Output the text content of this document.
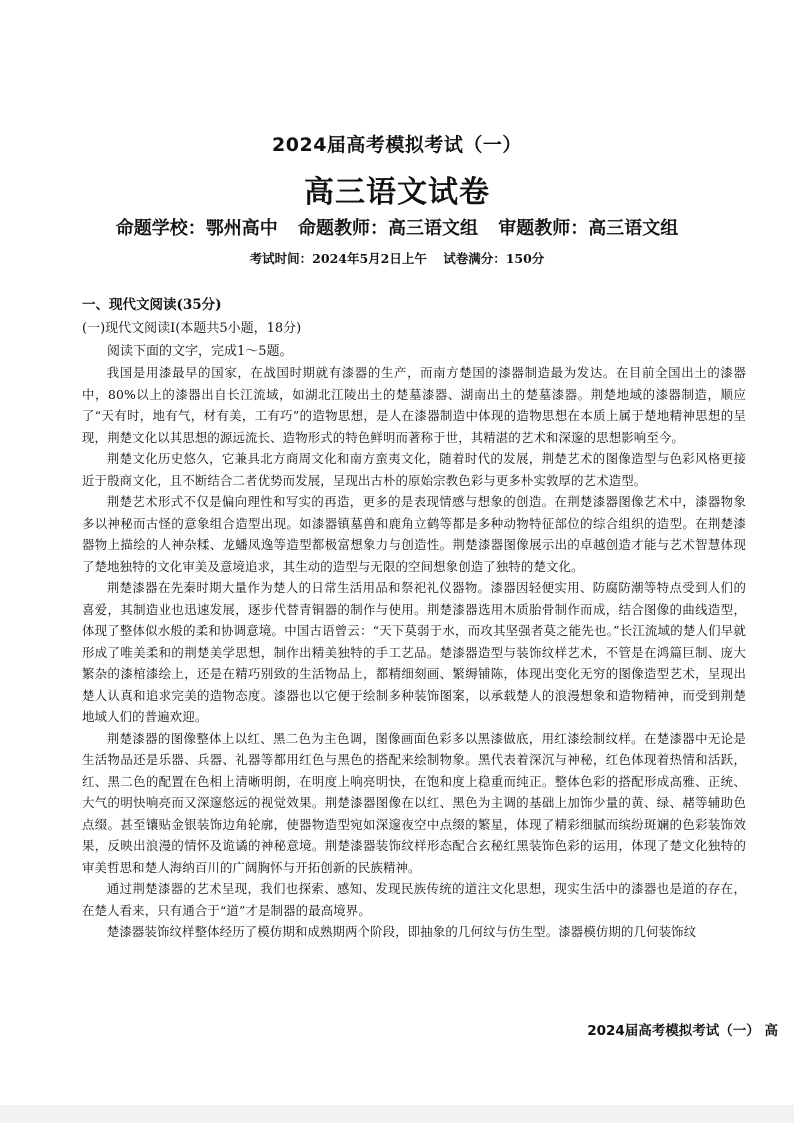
2024届高考模拟考试（一）
高三语文试卷
命题学校：鄂州高中 命题教师：高三语文组 审题教师：高三语文组
考试时间：2024年5月2日上午 试卷满分：150分
一、现代文阅读(35分)
(一)现代文阅读Ⅰ(本题共5小题，18分)
阅读下面的文字，完成1～5题。

我国是用漆最早的国家，在战国时期就有漆器的生产，而南方楚国的漆器制造最为发达。在目前全国出土的漆器中，80%以上的漆器出自长江流域，如湖北江陵出土的楚墓漆器、湖南出土的楚墓漆器。荆楚地域的漆器制造，顺应了“天有时，地有气，材有美，工有巧”的造物思想，是人在漆器制造中体现的造物思想在本质上属于楚地精神思想的呈现，荆楚文化以其思想的源远流长、造物形式的特色鲜明而著称于世，其精湛的艺术和深邃的思想影响至今。

荆楚文化历史悠久，它兼具北方商周文化和南方蛮夷文化，随着时代的发展，荆楚艺术的图像造型与色彩风格更接近于殷商文化，且不断结合二者优势而发展，呈现出古朴的原始宗教色彩与更多朴实敦厚的艺术造型。

荆楚艺术形式不仅是偏向理性和写实的再造，更多的是表现情感与想象的创造。在荆楚漆器图像艺术中，漆器物象多以神秘而古怪的意象组合造型出现。如漆器镇墓兽和鹿角立鹤等都是多种动物特征部位的综合组织的造型。在荆楚漆器物上描绘的人神杂糅、龙蟠凤逸等造型都极富想象力与创造性。荆楚漆器图像展示出的卓越创造才能与艺术智慧体现了楚地独特的文化审美及意境追求，其生动的造型与无限的空间想象创造了独特的楚文化。

荆楚漆器在先秦时期大量作为楚人的日常生活用品和祭祀礼仪器物。漆器因轻便实用、防腐防潮等特点受到人们的喜爱，其制造业也迅速发展，逐步代替青铜器的制作与使用。荆楚漆器选用木质胎骨制作而成，结合图像的曲线造型，体现了整体似水般的柔和协调意境。中国古语曾云：“天下莫弱于水，而攻其坚强者莫之能先也。”长江流域的楚人们早就形成了唯美柔和的荆楚美学思想，制作出精美独特的手工艺品。楚漆器造型与装饰纹样艺术，不管是在鸿篇巨制、庞大繁杂的漆棺漆绘上，还是在精巧别致的生活物品上，都精细刻画、繁缛铺陈，体现出变化无穷的图像造型艺术，呈现出楚人认真和追求完美的造物态度。漆器也以它便于绘制多种装饰图案，以承载楚人的浪漫想象和造物精神，而受到荆楚地域人们的普遍欢迎。

荆楚漆器的图像整体上以红、黑二色为主色调，图像画面色彩多以黑漆做底，用红漆绘制纹样。在楚漆器中无论是生活物品还是乐器、兵器、礼器等都用红色与黑色的搭配来绘制物象。黑代表着深沉与神秘，红色体现着热情和活跃，红、黑二色的配置在色相上清晰明朗，在明度上响亮明快，在饱和度上稳重而纯正。整体色彩的搭配形成高雅、正统、大气的明快响亮而又深邃悠远的视觉效果。荆楚漆器图像在以红、黑色为主调的基础上加饰少量的黄、绿、赭等辅助色点缀。甚至镶贴金银装饰边角轮廓，使器物造型宛如深邃夜空中点缀的繁星，体现了精彩细腻而缤纷斑斓的色彩装饰效果，反映出浪漫的情怀及诡谲的神秘意境。荆楚漆器装饰纹样形态配合玄秘红黑装饰色彩的运用，体现了楚文化独特的审美哲思和楚人海纳百川的广阔胸怀与开拓创新的民族精神。

通过荆楚漆器的艺术呈现，我们也探索、感知、发现民族传统的道注文化思想，现实生活中的漆器也是道的存在，在楚人看来，只有通合于“道”才是制器的最高境界。

楚漆器装饰纹样整体经历了模仿期和成熟期两个阶段，即抽象的几何纹与仿生型。漆器模仿期的几何装饰纹

2024届高考模拟考试（一） 高
